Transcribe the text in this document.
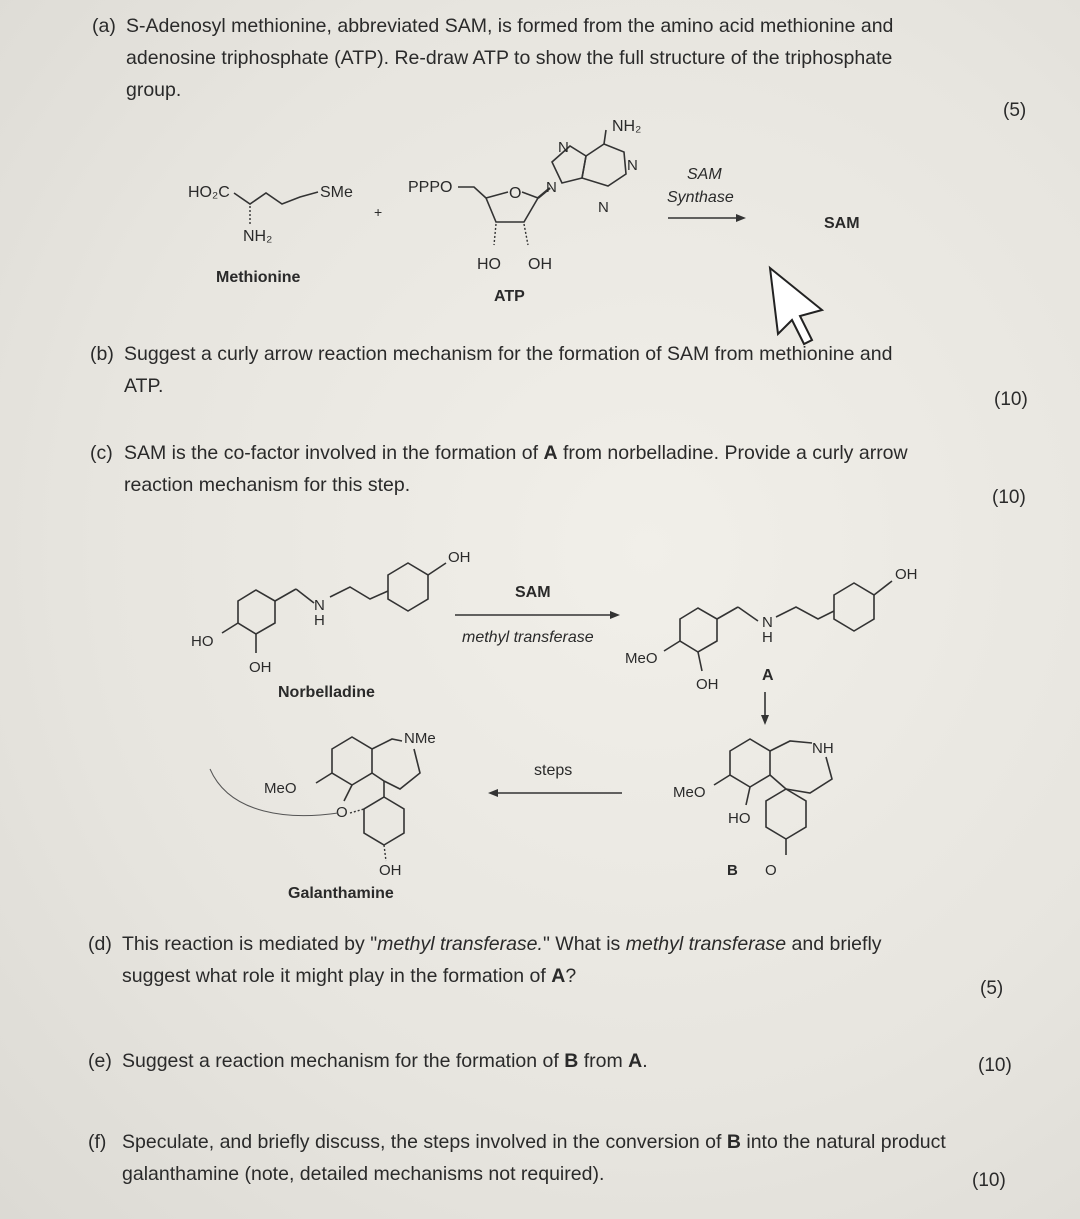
(a) S-Adenosyl methionine, abbreviated SAM, is formed from the amino acid methionine and
adenosine triphosphate (ATP). Re-draw ATP to show the full structure of the triphosphate
group.
(5)
HO₂C	SMe
NH₂
Methionine
+
PPPO	O
HO OH
ATP
NH₂
N
N
N
N
SAM
Synthase
SAM
(b) Suggest a curly arrow reaction mechanism for the formation of SAM from methionine and
ATP.
(10)
(c) SAM is the co-factor involved in the formation of A from norbelladine. Provide a curly arrow
reaction mechanism for this step.
(10)
N
H
OH
HO
OH
Norbelladine
SAM
methyl transferase
N
H
OH
MeO
OH
A
NH
O
B
MeO
HO
steps
NMe
O
MeO
OH
Galanthamine
(d) This reaction is mediated by "methyl transferase." What is methyl transferase and briefly
suggest what role it might play in the formation of A?
(5)
(e) Suggest a reaction mechanism for the formation of B from A.	(10)
(f) Speculate, and briefly discuss, the steps involved in the conversion of B into the natural product
galanthamine (note, detailed mechanisms not required).	(10)
